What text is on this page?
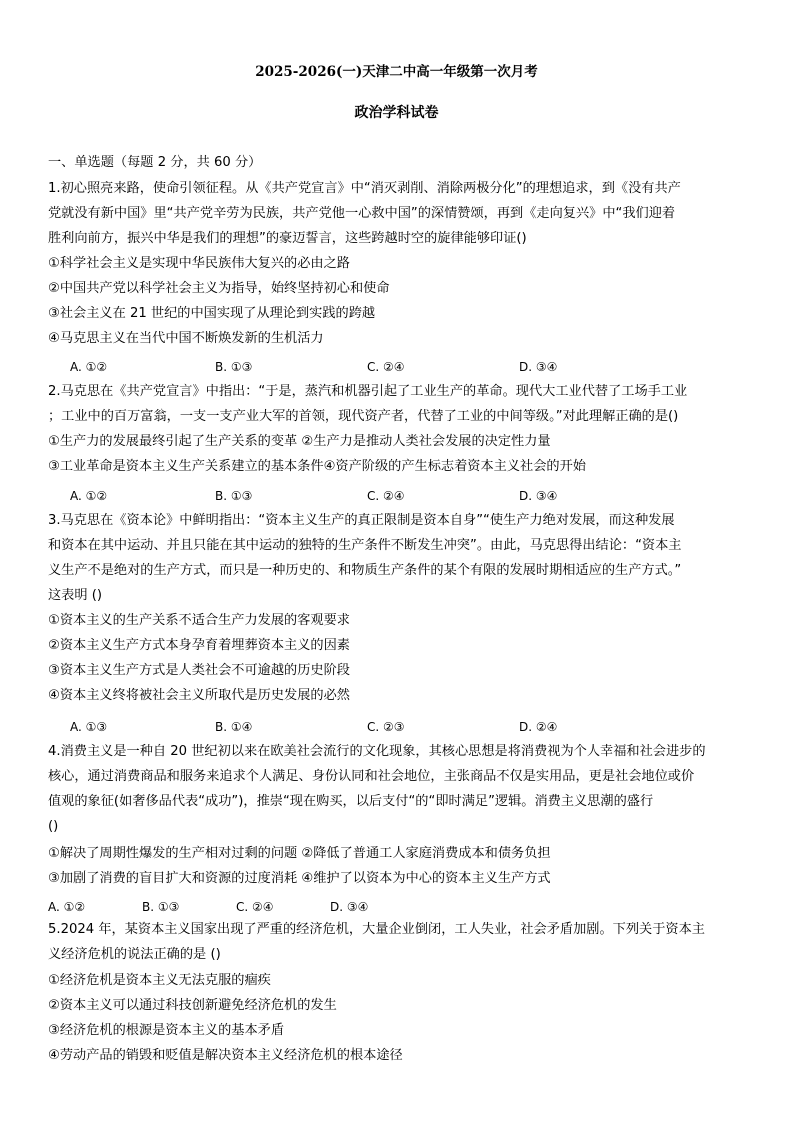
2025-2026(一)天津二中高一年级第一次月考
政治学科试卷
一、单选题（每题 2 分，共 60 分）
1.初心照亮来路，使命引领征程。从《共产党宣言》中“消灭剥削、消除两极分化”的理想追求，到《没有共产
党就没有新中国》里“共产党辛劳为民族，共产党他一心救中国”的深情赞颂，再到《走向复兴》中“我们迎着
胜利向前方，振兴中华是我们的理想”的豪迈誓言，这些跨越时空的旋律能够印证()
①科学社会主义是实现中华民族伟大复兴的必由之路
②中国共产党以科学社会主义为指导，始终坚持初心和使命
③社会主义在 21 世纪的中国实现了从理论到实践的跨越
④马克思主义在当代中国不断焕发新的生机活力
A. ①②	B. ①③	C. ②④	D. ③④
2.马克思在《共产党宣言》中指出：“于是，蒸汽和机器引起了工业生产的革命。现代大工业代替了工场手工业
；工业中的百万富翁，一支一支产业大军的首领，现代资产者，代替了工业的中间等级。”对此理解正确的是()
①生产力的发展最终引起了生产关系的变革 ②生产力是推动人类社会发展的决定性力量
③工业革命是资本主义生产关系建立的基本条件④资产阶级的产生标志着资本主义社会的开始
A. ①②	B. ①③	C. ②④	D. ③④
3.马克思在《资本论》中鲜明指出：“资本主义生产的真正限制是资本自身”“使生产力绝对发展，而这种发展
和资本在其中运动、并且只能在其中运动的独特的生产条件不断发生冲突”。由此，马克思得出结论：“资本主
义生产不是绝对的生产方式，而只是一种历史的、和物质生产条件的某个有限的发展时期相适应的生产方式。”
这表明 ()
①资本主义的生产关系不适合生产力发展的客观要求
②资本主义生产方式本身孕育着埋葬资本主义的因素
③资本主义生产方式是人类社会不可逾越的历史阶段
④资本主义终将被社会主义所取代是历史发展的必然
A. ①③	B. ①④	C. ②③	D. ②④
4.消费主义是一种自 20 世纪初以来在欧美社会流行的文化现象，其核心思想是将消费视为个人幸福和社会进步的
核心，通过消费商品和服务来追求个人满足、身份认同和社会地位，主张商品不仅是实用品，更是社会地位或价
值观的象征(如奢侈品代表“成功”)，推崇“现在购买，以后支付“的“即时满足”逻辑。消费主义思潮的盛行
()
①解决了周期性爆发的生产相对过剩的问题 ②降低了普通工人家庭消费成本和债务负担
③加剧了消费的盲目扩大和资源的过度消耗 ④维护了以资本为中心的资本主义生产方式
A. ①②	B. ①③	C. ②④	D. ③④
5.2024 年，某资本主义国家出现了严重的经济危机，大量企业倒闭，工人失业，社会矛盾加剧。下列关于资本主
义经济危机的说法正确的是 ()
①经济危机是资本主义无法克服的痼疾
②资本主义可以通过科技创新避免经济危机的发生
③经济危机的根源是资本主义的基本矛盾
④劳动产品的销毁和贬值是解决资本主义经济危机的根本途径
